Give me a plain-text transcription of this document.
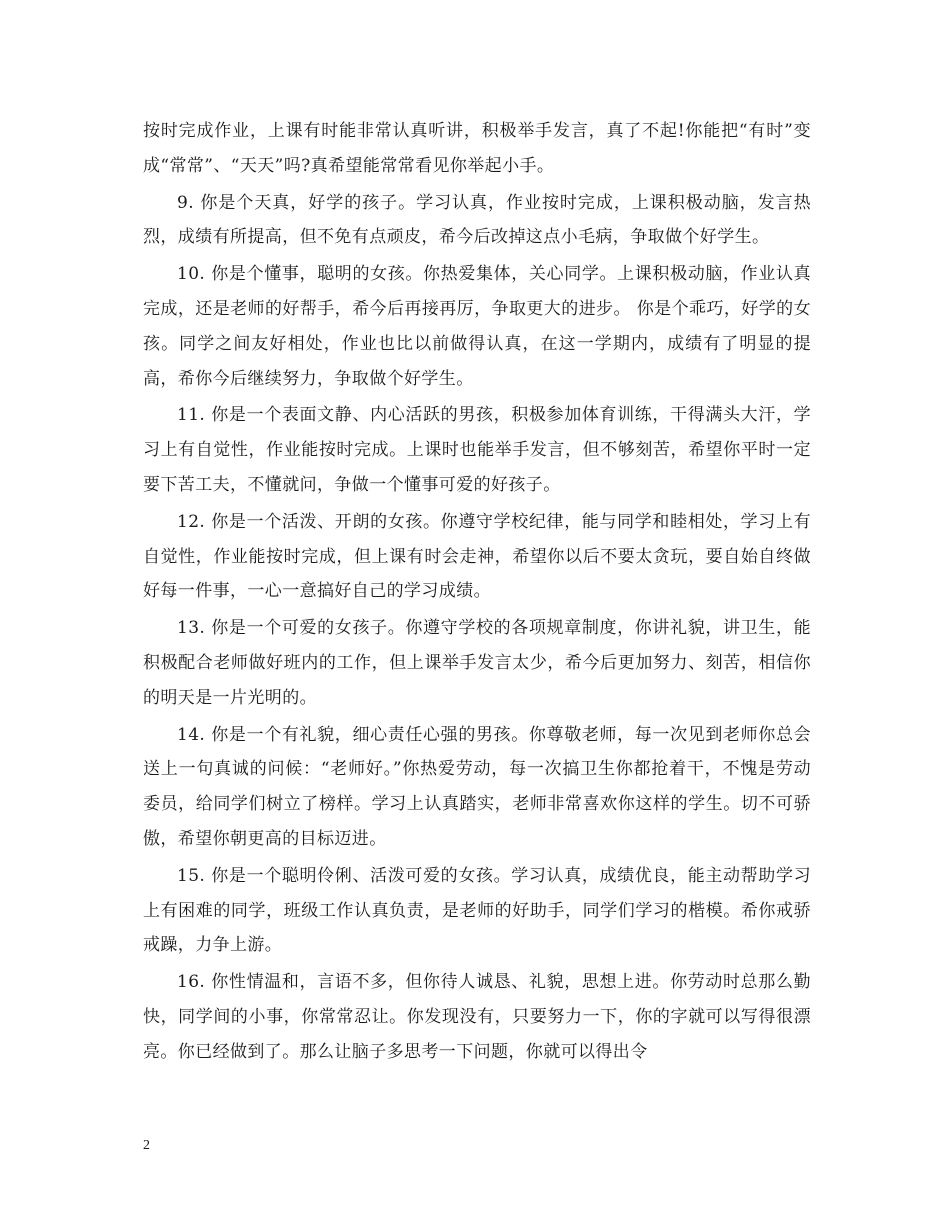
按时完成作业，上课有时能非常认真听讲，积极举手发言，真了不起!你能把“有时”变成“常常”、“天天”吗?真希望能常常看见你举起小手。

9. 你是个天真，好学的孩子。学习认真，作业按时完成，上课积极动脑，发言热烈，成绩有所提高，但不免有点顽皮，希今后改掉这点小毛病，争取做个好学生。

10. 你是个懂事，聪明的女孩。你热爱集体，关心同学。上课积极动脑，作业认真完成，还是老师的好帮手，希今后再接再厉，争取更大的进步。 你是个乖巧，好学的女孩。同学之间友好相处，作业也比以前做得认真，在这一学期内，成绩有了明显的提高，希你今后继续努力，争取做个好学生。

11. 你是一个表面文静、内心活跃的男孩，积极参加体育训练，干得满头大汗，学习上有自觉性，作业能按时完成。上课时也能举手发言，但不够刻苦，希望你平时一定要下苦工夫，不懂就问，争做一个懂事可爱的好孩子。

12. 你是一个活泼、开朗的女孩。你遵守学校纪律，能与同学和睦相处，学习上有自觉性，作业能按时完成，但上课有时会走神，希望你以后不要太贪玩，要自始自终做好每一件事，一心一意搞好自己的学习成绩。

13. 你是一个可爱的女孩子。你遵守学校的各项规章制度，你讲礼貌，讲卫生，能积极配合老师做好班内的工作，但上课举手发言太少，希今后更加努力、刻苦，相信你的明天是一片光明的。

14. 你是一个有礼貌，细心责任心强的男孩。你尊敬老师，每一次见到老师你总会送上一句真诚的问候：“老师好。”你热爱劳动，每一次搞卫生你都抢着干，不愧是劳动委员，给同学们树立了榜样。学习上认真踏实，老师非常喜欢你这样的学生。切不可骄傲，希望你朝更高的目标迈进。

15. 你是一个聪明伶俐、活泼可爱的女孩。学习认真，成绩优良，能主动帮助学习上有困难的同学，班级工作认真负责，是老师的好助手，同学们学习的楷模。希你戒骄戒躁，力争上游。

16. 你性情温和，言语不多，但你待人诚恳、礼貌，思想上进。你劳动时总那么勤快，同学间的小事，你常常忍让。你发现没有，只要努力一下，你的字就可以写得很漂亮。你已经做到了。那么让脑子多思考一下问题，你就可以得出令

2
